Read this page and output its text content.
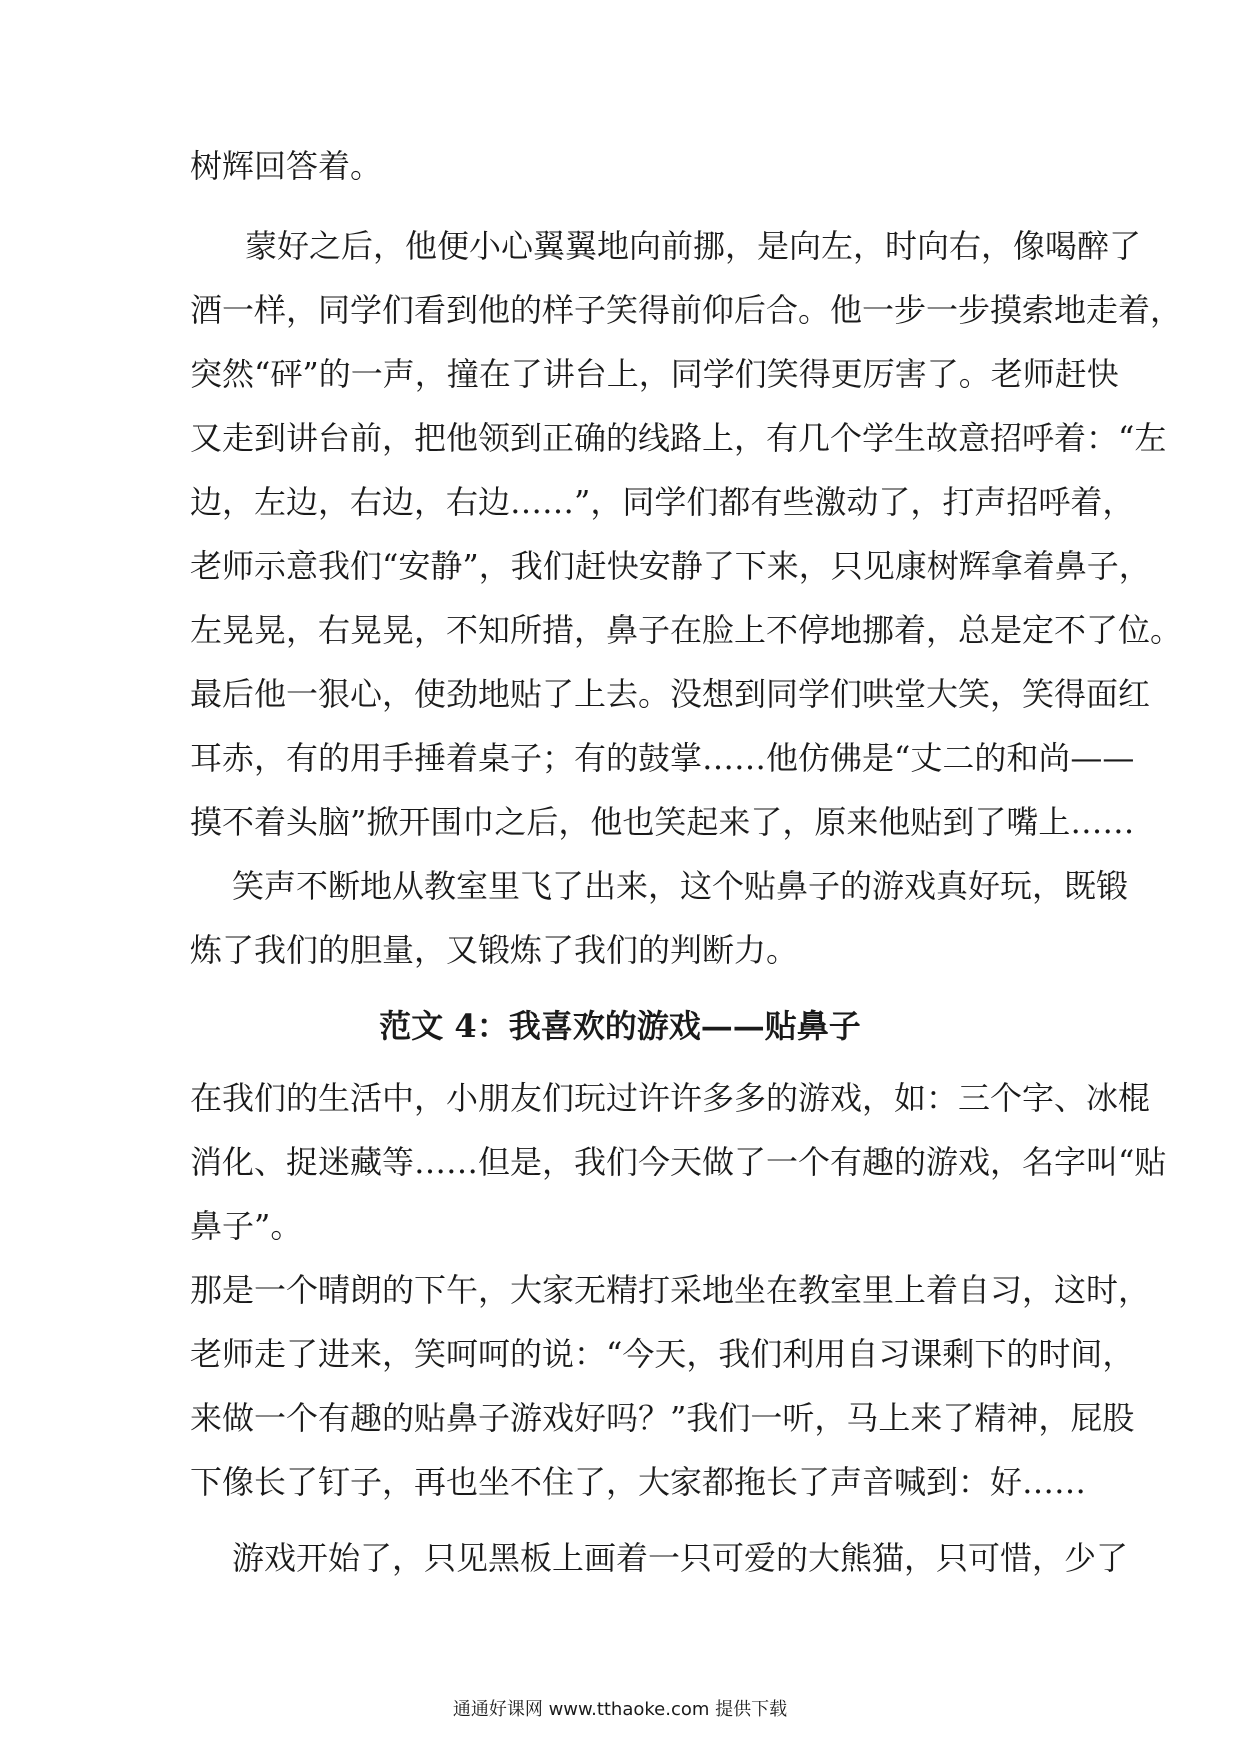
树辉回答着。
蒙好之后，他便小心翼翼地向前挪，是向左，时向右，像喝醉了
酒一样，同学们看到他的样子笑得前仰后合。他一步一步摸索地走着，
突然“砰”的一声，撞在了讲台上，同学们笑得更厉害了。老师赶快
又走到讲台前，把他领到正确的线路上，有几个学生故意招呼着：“左
边，左边，右边，右边……”，同学们都有些激动了，打声招呼着，
老师示意我们“安静”，我们赶快安静了下来，只见康树辉拿着鼻子，
左晃晃，右晃晃，不知所措，鼻子在脸上不停地挪着，总是定不了位。
最后他一狠心，使劲地贴了上去。没想到同学们哄堂大笑，笑得面红
耳赤，有的用手捶着桌子；有的鼓掌……他仿佛是“丈二的和尚——
摸不着头脑”掀开围巾之后，他也笑起来了，原来他贴到了嘴上……
笑声不断地从教室里飞了出来，这个贴鼻子的游戏真好玩，既锻
炼了我们的胆量，又锻炼了我们的判断力。
范文 4：我喜欢的游戏——贴鼻子
在我们的生活中，小朋友们玩过许许多多的游戏，如：三个字、冰棍
消化、捉迷藏等……但是，我们今天做了一个有趣的游戏，名字叫“贴
鼻子”。
那是一个晴朗的下午，大家无精打采地坐在教室里上着自习，这时，
老师走了进来，笑呵呵的说：“今天，我们利用自习课剩下的时间，
来做一个有趣的贴鼻子游戏好吗？”我们一听，马上来了精神，屁股
下像长了钉子，再也坐不住了，大家都拖长了声音喊到：好……
游戏开始了，只见黑板上画着一只可爱的大熊猫，只可惜，少了
通通好课网 www.tthaoke.com 提供下载
